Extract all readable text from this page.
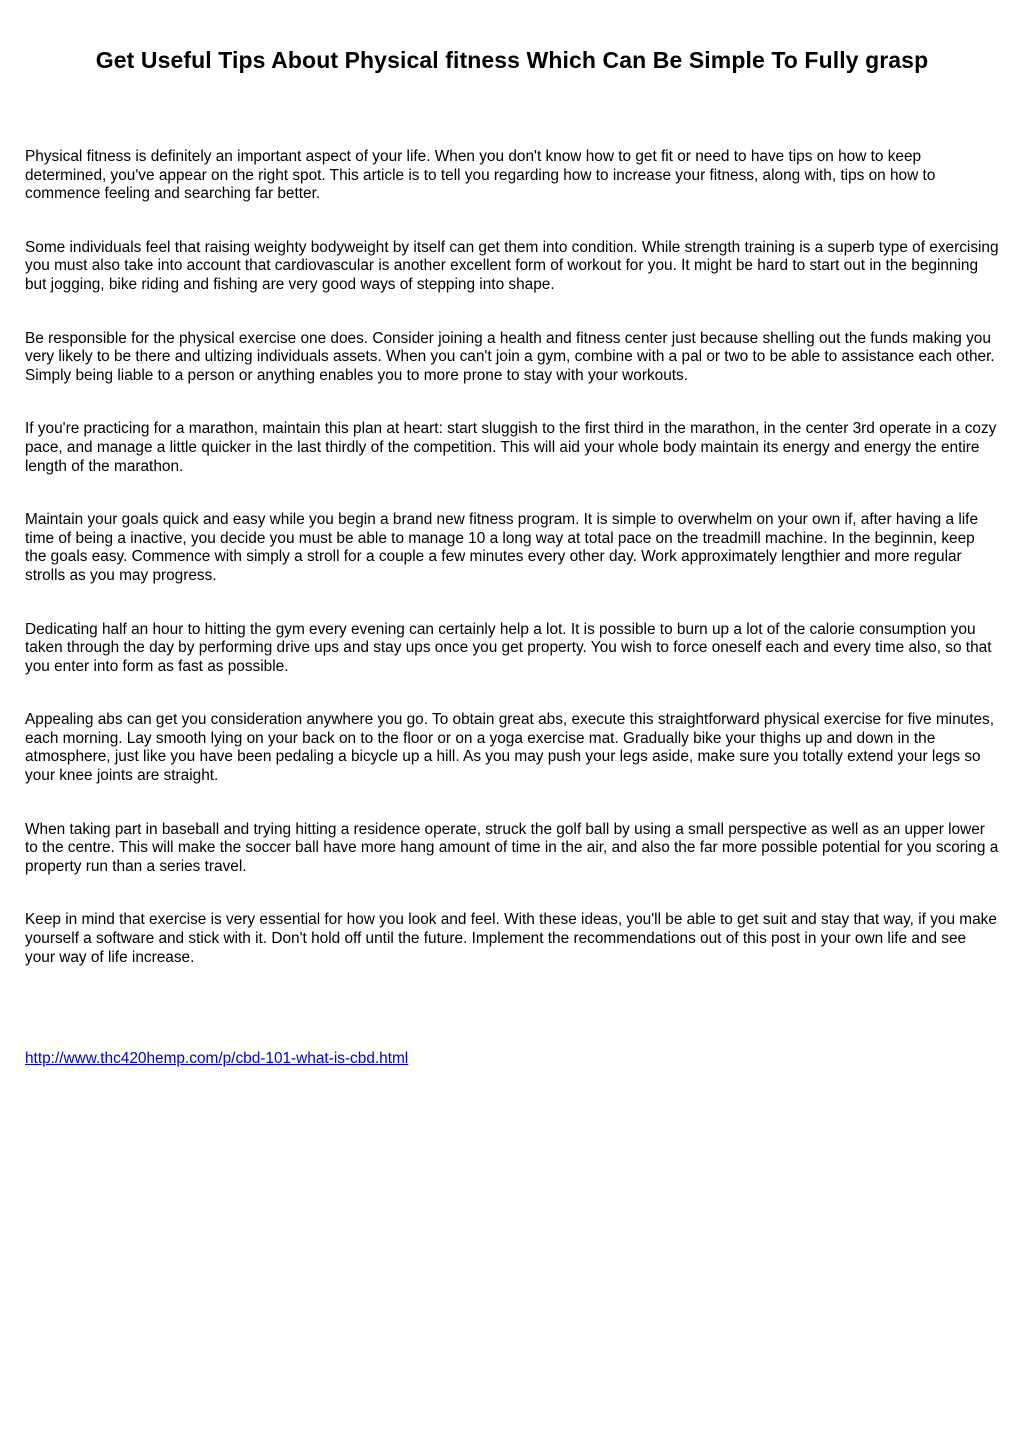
Get Useful Tips About Physical fitness Which Can Be Simple To Fully grasp

Physical fitness is definitely an important aspect of your life. When you don't know how to get fit or need to have tips on how to keep determined, you've appear on the right spot. This article is to tell you regarding how to increase your fitness, along with, tips on how to commence feeling and searching far better.

Some individuals feel that raising weighty bodyweight by itself can get them into condition. While strength training is a superb type of exercising you must also take into account that cardiovascular is another excellent form of workout for you. It might be hard to start out in the beginning but jogging, bike riding and fishing are very good ways of stepping into shape.

Be responsible for the physical exercise one does. Consider joining a health and fitness center just because shelling out the funds making you very likely to be there and ultizing individuals assets. When you can't join a gym, combine with a pal or two to be able to assistance each other. Simply being liable to a person or anything enables you to more prone to stay with your workouts.

If you're practicing for a marathon, maintain this plan at heart: start sluggish to the first third in the marathon, in the center 3rd operate in a cozy pace, and manage a little quicker in the last thirdly of the competition. This will aid your whole body maintain its energy and energy the entire length of the marathon.

Maintain your goals quick and easy while you begin a brand new fitness program. It is simple to overwhelm on your own if, after having a life time of being a inactive, you decide you must be able to manage 10 a long way at total pace on the treadmill machine. In the beginnin, keep the goals easy. Commence with simply a stroll for a couple a few minutes every other day. Work approximately lengthier and more regular strolls as you may progress.

Dedicating half an hour to hitting the gym every evening can certainly help a lot. It is possible to burn up a lot of the calorie consumption you taken through the day by performing drive ups and stay ups once you get property. You wish to force oneself each and every time also, so that you enter into form as fast as possible.

Appealing abs can get you consideration anywhere you go. To obtain great abs, execute this straightforward physical exercise for five minutes, each morning. Lay smooth lying on your back on to the floor or on a yoga exercise mat. Gradually bike your thighs up and down in the atmosphere, just like you have been pedaling a bicycle up a hill. As you may push your legs aside, make sure you totally extend your legs so your knee joints are straight.

When taking part in baseball and trying hitting a residence operate, struck the golf ball by using a small perspective as well as an upper lower to the centre. This will make the soccer ball have more hang amount of time in the air, and also the far more possible potential for you scoring a property run than a series travel.

Keep in mind that exercise is very essential for how you look and feel. With these ideas, you'll be able to get suit and stay that way, if you make yourself a software and stick with it. Don't hold off until the future. Implement the recommendations out of this post in your own life and see your way of life increase.

http://www.thc420hemp.com/p/cbd-101-what-is-cbd.html
